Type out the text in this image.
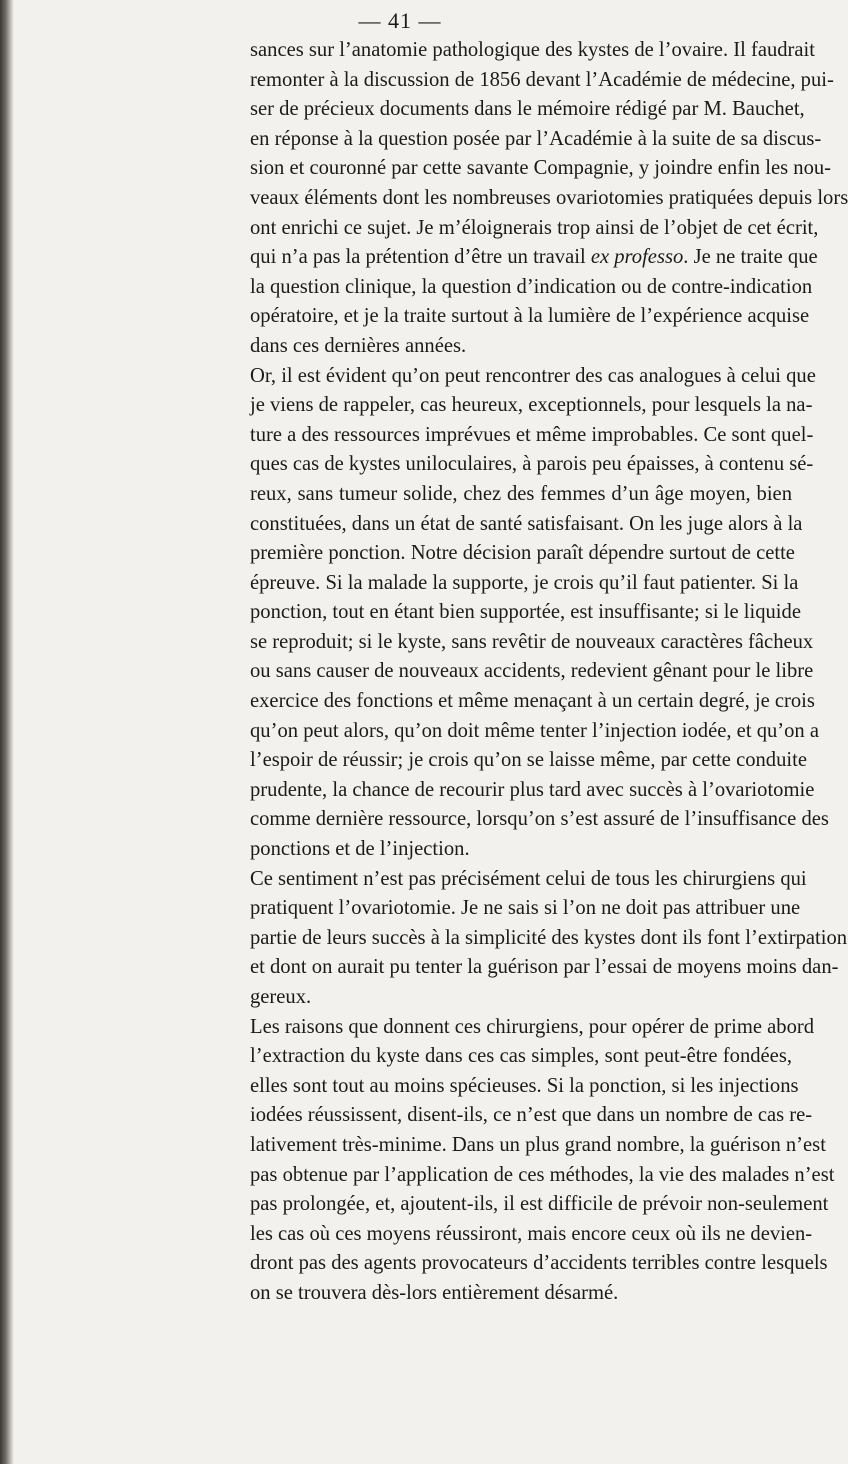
— 41 —

sances sur l’anatomie pathologique des kystes de l’ovaire. Il faudrait
remonter à la discussion de 1856 devant l’Académie de médecine, pui-
ser de précieux documents dans le mémoire rédigé par M. Bauchet,
en réponse à la question posée par l’Académie à la suite de sa discus-
sion et couronné par cette savante Compagnie, y joindre enfin les nou-
veaux éléments dont les nombreuses ovariotomies pratiquées depuis lors
ont enrichi ce sujet. Je m’éloignerais trop ainsi de l’objet de cet écrit,
qui n’a pas la prétention d’être un travail ex professo. Je ne traite que
la question clinique, la question d’indication ou de contre-indication
opératoire, et je la traite surtout à la lumière de l’expérience acquise
dans ces dernières années.

Or, il est évident qu’on peut rencontrer des cas analogues à celui que
je viens de rappeler, cas heureux, exceptionnels, pour lesquels la na-
ture a des ressources imprévues et même improbables. Ce sont quel-
ques cas de kystes uniloculaires, à parois peu épaisses, à contenu sé-
reux, sans tumeur solide, chez des femmes d’un âge moyen, bien
constituées, dans un état de santé satisfaisant. On les juge alors à la
première ponction. Notre décision paraît dépendre surtout de cette
épreuve. Si la malade la supporte, je crois qu’il faut patienter. Si la
ponction, tout en étant bien supportée, est insuffisante; si le liquide
se reproduit; si le kyste, sans revêtir de nouveaux caractères fâcheux
ou sans causer de nouveaux accidents, redevient gênant pour le libre
exercice des fonctions et même menaçant à un certain degré, je crois
qu’on peut alors, qu’on doit même tenter l’injection iodée, et qu’on a
l’espoir de réussir; je crois qu’on se laisse même, par cette conduite
prudente, la chance de recourir plus tard avec succès à l’ovariotomie
comme dernière ressource, lorsqu’on s’est assuré de l’insuffisance des
ponctions et de l’injection.

Ce sentiment n’est pas précisément celui de tous les chirurgiens qui
pratiquent l’ovariotomie. Je ne sais si l’on ne doit pas attribuer une
partie de leurs succès à la simplicité des kystes dont ils font l’extirpation
et dont on aurait pu tenter la guérison par l’essai de moyens moins dan-
gereux.

Les raisons que donnent ces chirurgiens, pour opérer de prime abord
l’extraction du kyste dans ces cas simples, sont peut-être fondées,
elles sont tout au moins spécieuses. Si la ponction, si les injections
iodées réussissent, disent-ils, ce n’est que dans un nombre de cas re-
lativement très-minime. Dans un plus grand nombre, la guérison n’est
pas obtenue par l’application de ces méthodes, la vie des malades n’est
pas prolongée, et, ajoutent-ils, il est difficile de prévoir non-seulement
les cas où ces moyens réussiront, mais encore ceux où ils ne devien-
dront pas des agents provocateurs d’accidents terribles contre lesquels
on se trouvera dès-lors entièrement désarmé.
